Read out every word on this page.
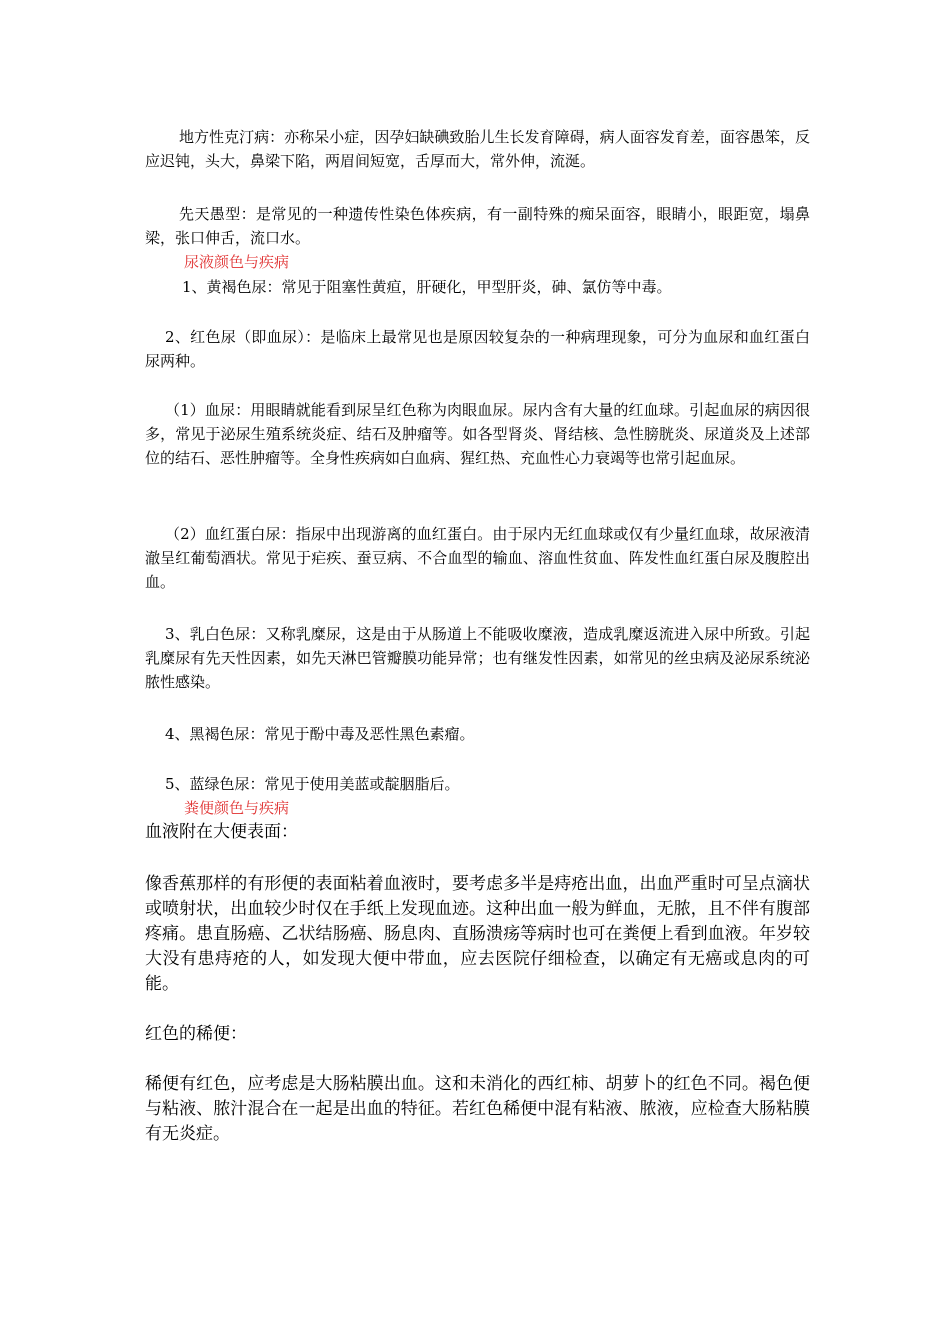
地方性克汀病：亦称呆小症，因孕妇缺碘致胎儿生长发育障碍，病人面容发育差，面容愚笨，反应迟钝，头大，鼻梁下陷，两眉间短宽，舌厚而大，常外伸，流涎。

先天愚型：是常见的一种遗传性染色体疾病，有一副特殊的痴呆面容，眼睛小，眼距宽，塌鼻梁，张口伸舌，流口水。

尿液颜色与疾病

1、黄褐色尿：常见于阻塞性黄疸，肝硬化，甲型肝炎，砷、氯仿等中毒。

2、红色尿（即血尿）：是临床上最常见也是原因较复杂的一种病理现象，可分为血尿和血红蛋白尿两种。

（1）血尿：用眼睛就能看到尿呈红色称为肉眼血尿。尿内含有大量的红血球。引起血尿的病因很多，常见于泌尿生殖系统炎症、结石及肿瘤等。如各型肾炎、肾结核、急性膀胱炎、尿道炎及上述部位的结石、恶性肿瘤等。全身性疾病如白血病、猩红热、充血性心力衰竭等也常引起血尿。

（2）血红蛋白尿：指尿中出现游离的血红蛋白。由于尿内无红血球或仅有少量红血球，故尿液清澈呈红葡萄酒状。常见于疟疾、蚕豆病、不合血型的输血、溶血性贫血、阵发性血红蛋白尿及腹腔出血。

3、乳白色尿：又称乳糜尿，这是由于从肠道上不能吸收糜液，造成乳糜返流进入尿中所致。引起乳糜尿有先天性因素，如先天淋巴管瓣膜功能异常；也有继发性因素，如常见的丝虫病及泌尿系统泌脓性感染。

4、黑褐色尿：常见于酚中毒及恶性黑色素瘤。

5、蓝绿色尿：常见于使用美蓝或靛胭脂后。

粪便颜色与疾病

血液附在大便表面：

像香蕉那样的有形便的表面粘着血液时，要考虑多半是痔疮出血，出血严重时可呈点滴状或喷射状，出血较少时仅在手纸上发现血迹。这种出血一般为鲜血，无脓，且不伴有腹部疼痛。患直肠癌、乙状结肠癌、肠息肉、直肠溃疡等病时也可在粪便上看到血液。年岁较大没有患痔疮的人，如发现大便中带血，应去医院仔细检查，以确定有无癌或息肉的可能。

红色的稀便：

稀便有红色，应考虑是大肠粘膜出血。这和未消化的西红柿、胡萝卜的红色不同。褐色便与粘液、脓汁混合在一起是出血的特征。若红色稀便中混有粘液、脓液，应检查大肠粘膜有无炎症。
